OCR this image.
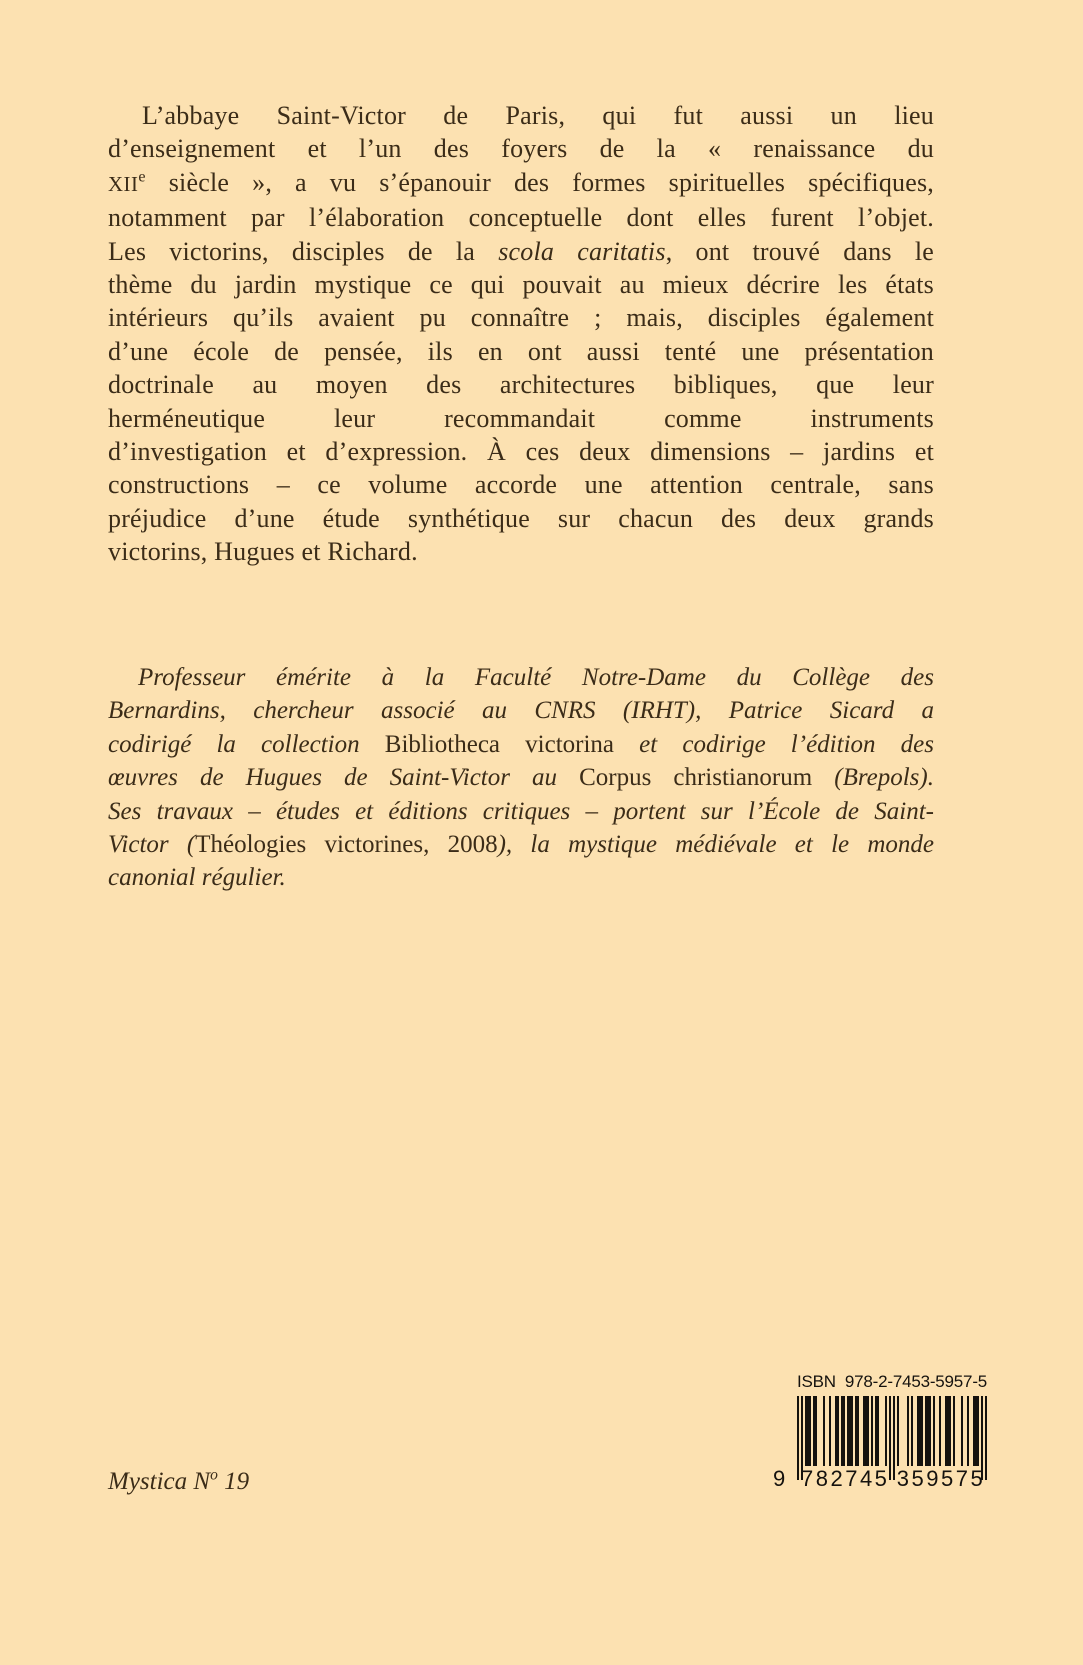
L’abbaye Saint-Victor de Paris, qui fut aussi un lieu
d’enseignement et l’un des foyers de la « renaissance du
XIIe siècle », a vu s’épanouir des formes spirituelles spécifiques,
notamment par l’élaboration conceptuelle dont elles furent l’objet.
Les victorins, disciples de la scola caritatis, ont trouvé dans le
thème du jardin mystique ce qui pouvait au mieux décrire les états
intérieurs qu’ils avaient pu connaître ; mais, disciples également
d’une école de pensée, ils en ont aussi tenté une présentation
doctrinale au moyen des architectures bibliques, que leur
herméneutique leur recommandait comme instruments
d’investigation et d’expression. À ces deux dimensions – jardins et
constructions – ce volume accorde une attention centrale, sans
préjudice d’une étude synthétique sur chacun des deux grands
victorins, Hugues et Richard.
Professeur émérite à la Faculté Notre-Dame du Collège des
Bernardins, chercheur associé au CNRS (IRHT), Patrice Sicard a
codirigé la collection Bibliotheca victorina et codirige l’édition des
œuvres de Hugues de Saint-Victor au Corpus christianorum (Brepols).
Ses travaux – études et éditions critiques – portent sur l’École de Saint-
Victor (Théologies victorines, 2008), la mystique médiévale et le monde
canonial régulier.
Mystica $N^o$ 19
ISBN  978-2-7453-5957-5
9 782745 359575
